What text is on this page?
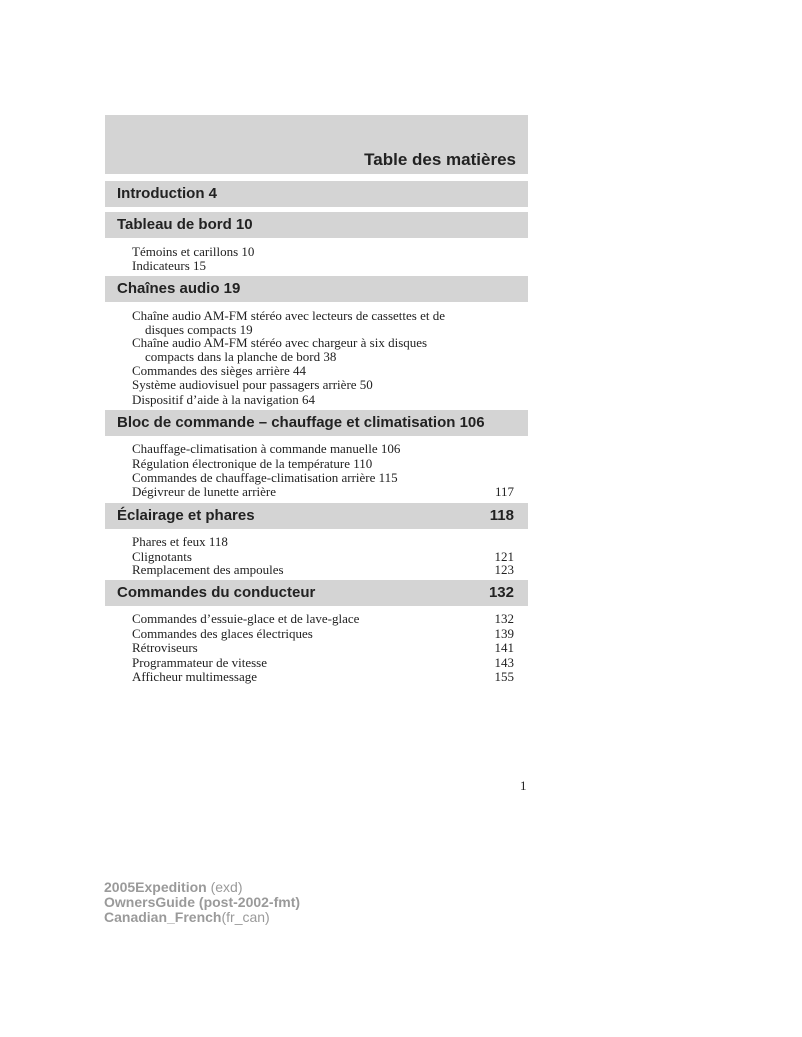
Table des matières
Introduction 4
Tableau de bord 10
Témoins et carillons 10
Indicateurs 15
Chaînes audio 19
Chaîne audio AM-FM stéréo avec lecteurs de cassettes et de
disques compacts 19
Chaîne audio AM-FM stéréo avec chargeur à six disques
compacts dans la planche de bord 38
Commandes des sièges arrière 44
Système audiovisuel pour passagers arrière 50
Dispositif d’aide à la navigation 64
Bloc de commande – chauffage et climatisation 106
Chauffage-climatisation à commande manuelle 106
Régulation électronique de la température 110
Commandes de chauffage-climatisation arrière 115
Dégivreur de lunette arrière	117
Éclairage et phares	118
Phares et feux 118
Clignotants	121
Remplacement des ampoules	123
Commandes du conducteur	132
Commandes d’essuie-glace et de lave-glace	132
Commandes des glaces électriques	139
Rétroviseurs	141
Programmateur de vitesse	143
Afficheur multimessage	155
1
2005Expedition (exd)
OwnersGuide (post-2002-fmt)
Canadian_French(fr_can)
